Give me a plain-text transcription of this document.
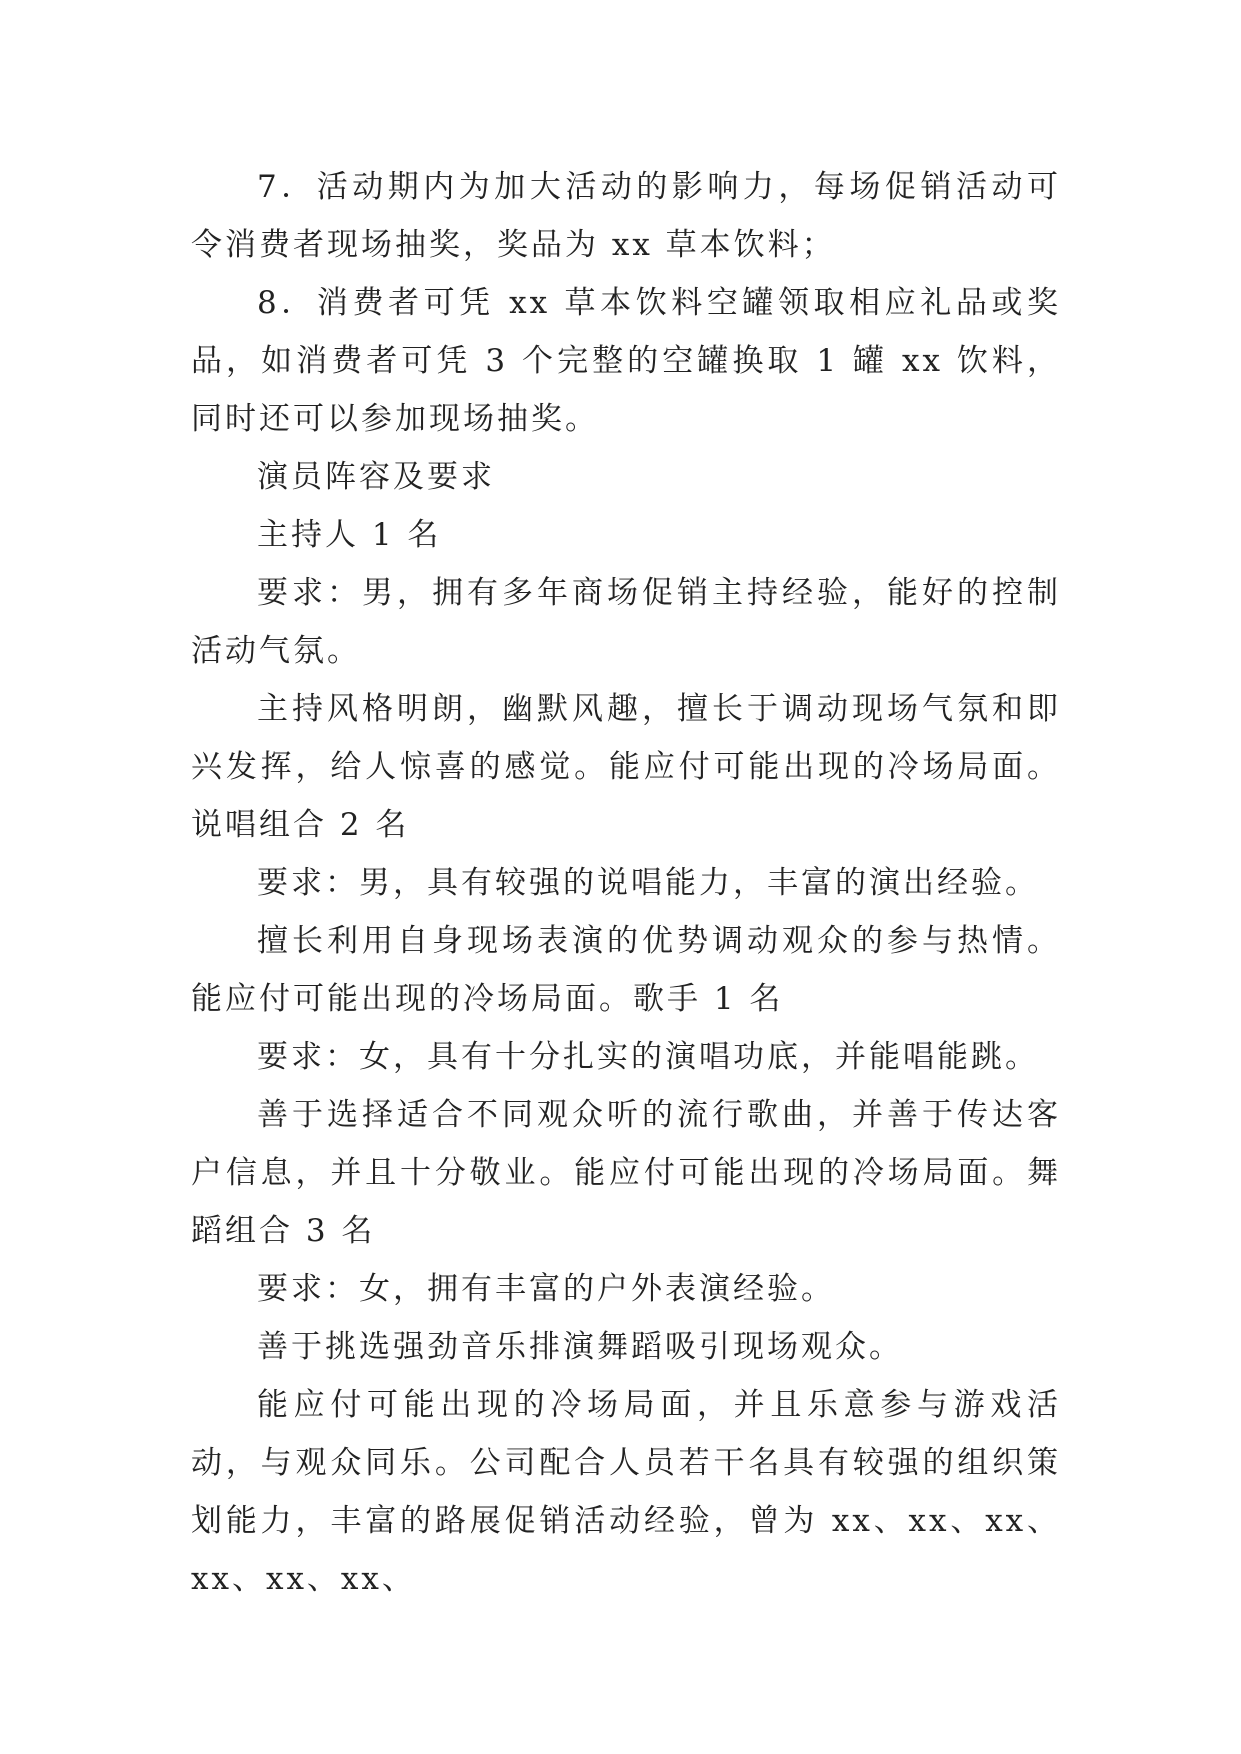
7．活动期内为加大活动的影响力，每场促销活动可令消费者现场抽奖，奖品为 xx 草本饮料；

8．消费者可凭 xx 草本饮料空罐领取相应礼品或奖品，如消费者可凭 3 个完整的空罐换取 1 罐 xx 饮料，同时还可以参加现场抽奖。

演员阵容及要求

主持人 1 名

要求：男，拥有多年商场促销主持经验，能好的控制活动气氛。

主持风格明朗，幽默风趣，擅长于调动现场气氛和即兴发挥，给人惊喜的感觉。能应付可能出现的冷场局面。说唱组合 2 名

要求：男，具有较强的说唱能力，丰富的演出经验。

擅长利用自身现场表演的优势调动观众的参与热情。能应付可能出现的冷场局面。歌手 1 名

要求：女，具有十分扎实的演唱功底，并能唱能跳。

善于选择适合不同观众听的流行歌曲，并善于传达客户信息，并且十分敬业。能应付可能出现的冷场局面。舞蹈组合 3 名

要求：女，拥有丰富的户外表演经验。

善于挑选强劲音乐排演舞蹈吸引现场观众。

能应付可能出现的冷场局面，并且乐意参与游戏活动，与观众同乐。公司配合人员若干名具有较强的组织策划能力，丰富的路展促销活动经验，曾为 xx、xx、xx、xx、xx、xx、
